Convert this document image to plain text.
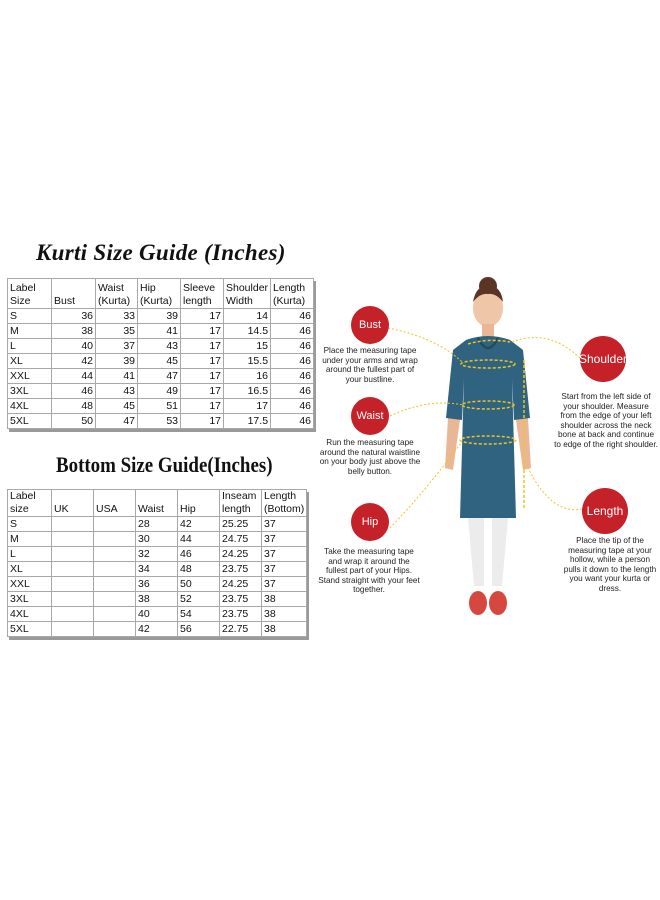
Kurti Size Guide (Inches)
Label Size	Bust	Waist (Kurta)	Hip (Kurta)	Sleeve length	Shoulder Width	Length (Kurta)
S	36	33	39	17	14	46
M	38	35	41	17	14.5	46
L	40	37	43	17	15	46
XL	42	39	45	17	15.5	46
XXL	44	41	47	17	16	46
3XL	46	43	49	17	16.5	46
4XL	48	45	51	17	17	46
5XL	50	47	53	17	17.5	46
Bottom Size Guide(Inches)
Label size	UK	USA	Waist	Hip	Inseam length	Length (Bottom)
S			28	42	25.25	37
M			30	44	24.75	37
L			32	46	24.25	37
XL			34	48	23.75	37
XXL			36	50	24.25	37
3XL			38	52	23.75	38
4XL			40	54	23.75	38
5XL			42	56	22.75	38
Bust
Place the measuring tape under your arms and wrap around the fullest part of your bustline.
Waist
Run the measuring tape around the natural waistline on your body just above the belly button.
Hip
Take the measuring tape and wrap it around the fullest part of your Hips. Stand straight with your feet together.
Shoulder
Start from the left side of your shoulder. Measure from the edge of your left shoulder across the neck bone at back and continue to edge of the right shoulder.
Length
Place the tip of the measuring tape at your hollow, while a person pulls it down to the length you want your kurta or dress.
